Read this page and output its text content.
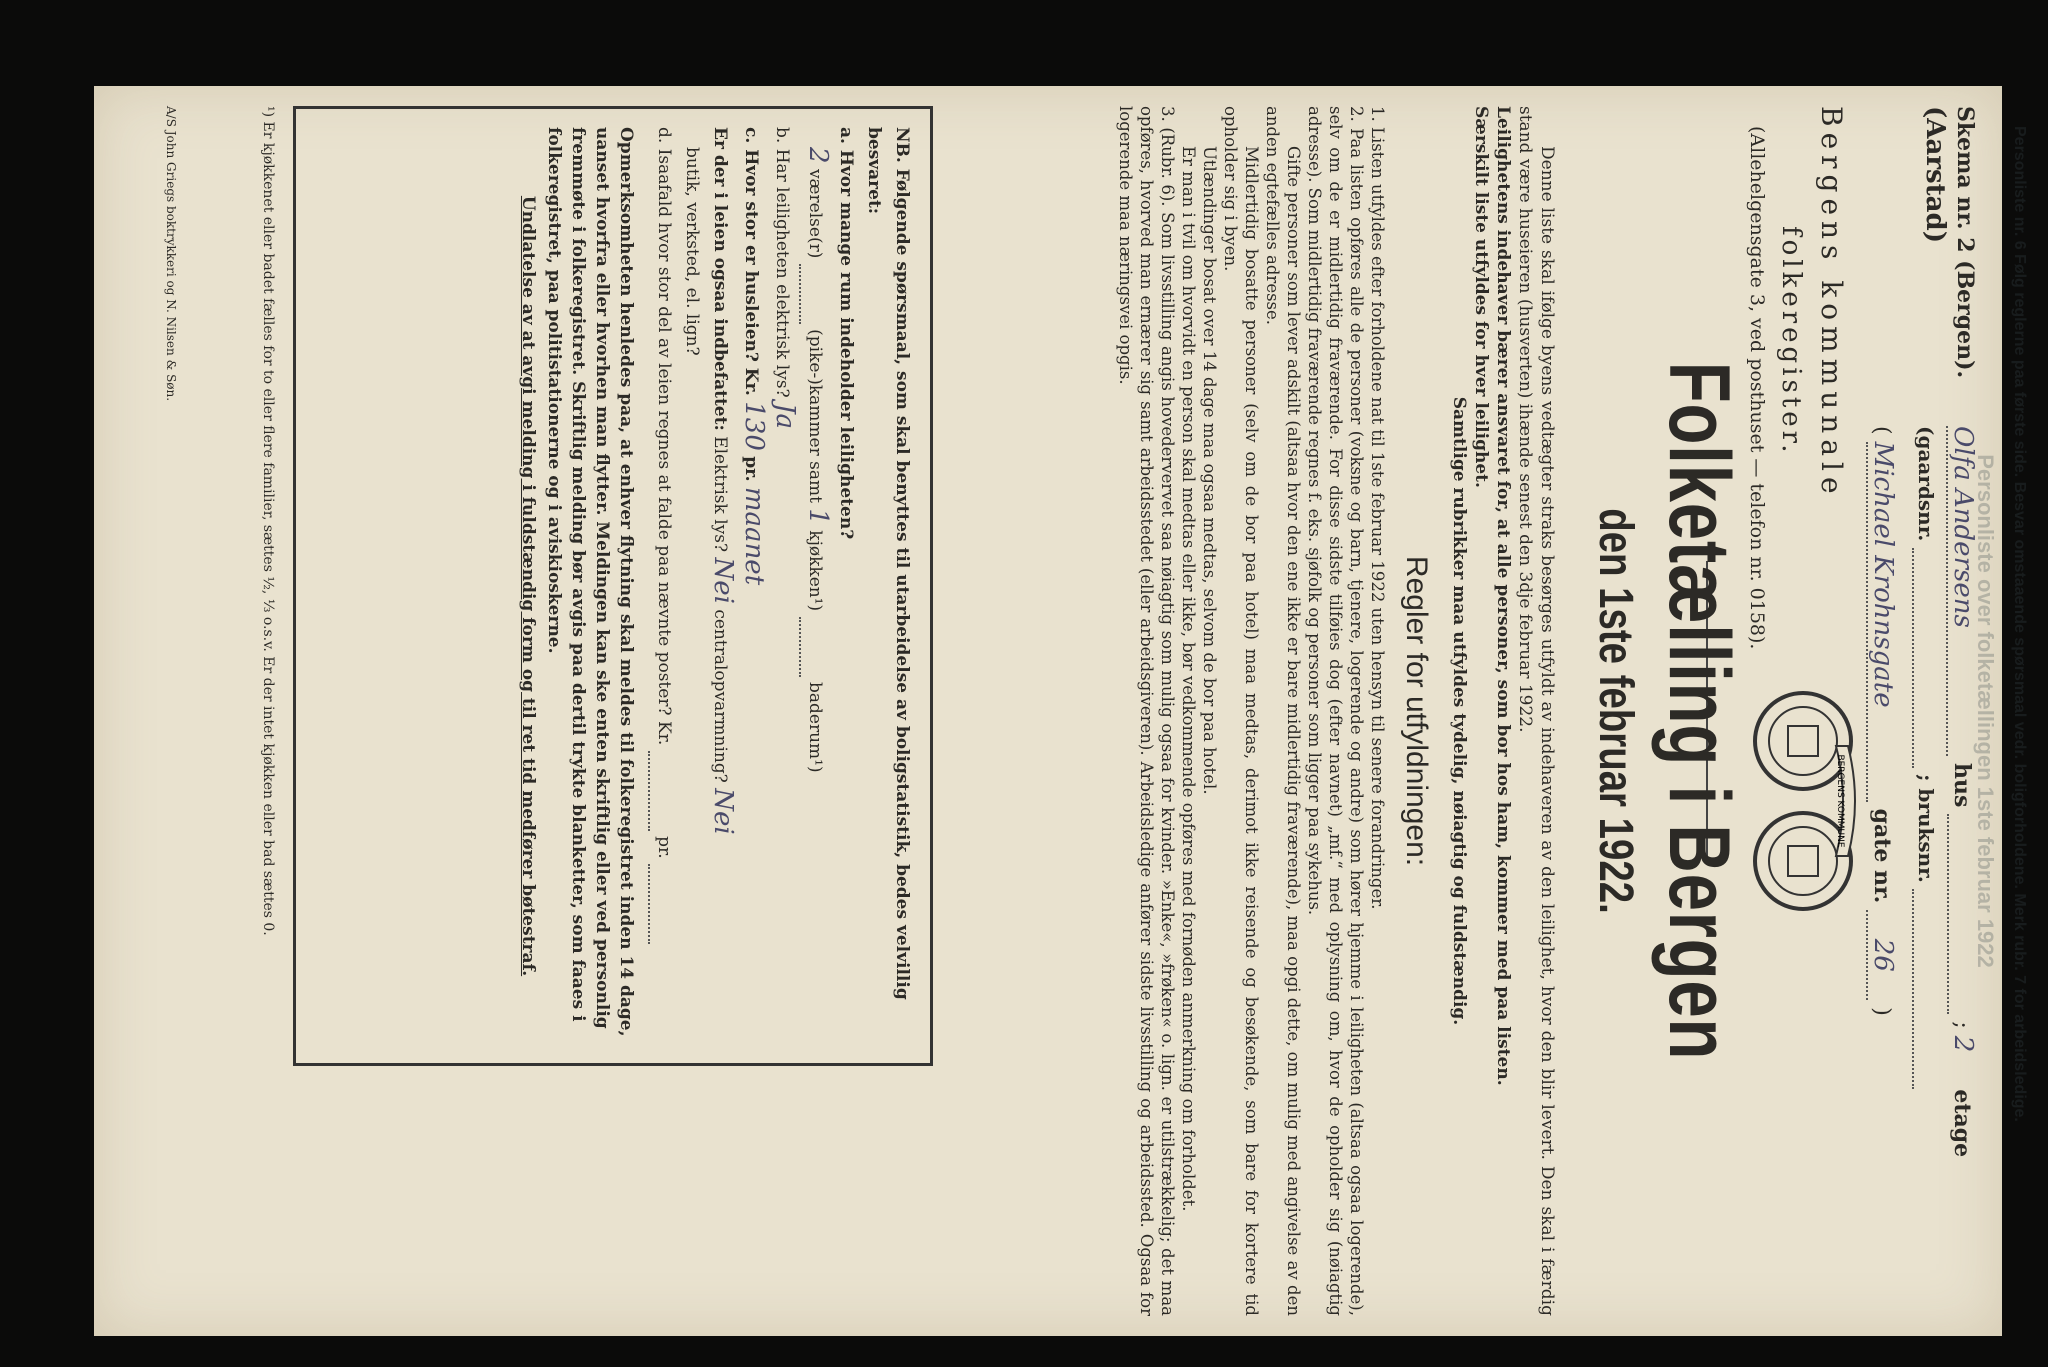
Personliste nr. 6 Følg reglerne paa første side. Besvar omstaaende spørsmaal vedr. boligforholdene. Merk rubr. 7 for arbeidsledige.
Personliste over folketællingen 1ste februar 1922
Skema nr. 2 (Bergen).
(Aarstad)
Olfa Andersens hus   ; 2 etage
(gaardsnr.   ; bruksnr.
( Michael Krohnsgate gate nr. 26 )
Bergens kommunale
folkeregister.
(Allehelgensgate 3, ved posthuset — telefon nr. 0158).
BERGENS KOMMUNE
Folketælling i Bergen
den 1ste februar 1922.
Denne liste skal ifølge byens vedtægter straks besørges utfyldt av indehaveren av den leilighet, hvor den blir levert. Den skal i færdig stand være huseieren (husverten) ihænde senest den 3dje februar 1922.
Leilighetens indehaver bærer ansvaret for, at alle personer, som bor hos ham, kommer med paa listen.
Særskilt liste utfyldes for hver leilighet.
Samtlige rubrikker maa utfyldes tydelig, nøiagtig og fuldstændig.
Regler for utfyldningen:
1. Listen utfyldes efter forholdene nat til 1ste februar 1922 uten hensyn til senere forandringer.
2. Paa listen opføres alle de personer (voksne og barn, tjenere, logerende og andre) som hører hjemme i leiligheten (altsaa ogsaa logerende), selv om de er midlertidig fraværende. For disse sidste tilføies dog (efter navnet) „mf.“ med oplysning om, hvor de opholder sig (nøiagtig adresse). Som midlertidig fraværende regnes f. eks. sjøfolk og personer som ligger paa sykehus.
Gifte personer som lever adskilt (altsaa hvor den ene ikke er bare midlertidig fraværende), maa opgi dette, om mulig med angivelse av den anden egtefælles adresse.
Midlertidig bosatte personer (selv om de bor paa hotel) maa medtas, derimot ikke reisende og besøkende, som bare for kortere tid opholder sig i byen.
Utlændinger bosat over 14 dage maa ogsaa medtas, selvom de bor paa hotel.
Er man i tvil om hvorvidt en person skal medtas eller ikke, bør vedkommende opføres med fornøden anmerkning om forholdet.
3. (Rubr. 6). Som livsstilling angis hovedervervet saa nøiagtig som mulig ogsaa for kvinder. »Enke«, »frøken« o. lign. er utilstrækkelig; det maa opføres, hvorved man ernærer sig samt arbeidsstedet (eller arbeidsgiveren). Arbeidsledige anfører sidste livsstilling og arbeidssted. Ogsaa for logerende maa næringsvei opgis.
NB. Følgende spørsmaal, som skal benyttes til utarbeidelse av boligstatistik, bedes velvillig besvaret:
a. Hvor mange rum indeholder leiligheten?
2 værelse(r)   (pike-)kammer samt 1 kjøkken¹)   baderum¹)
b. Har leiligheten elektrisk lys? Ja
c. Hvor stor er husleien? Kr. 130 pr. maanet
Er der i leien ogsaa indbefattet: Elektrisk lys? Nei centralopvarmning? Nei
butik, verksted, el. lign?
d. Isaafald hvor stor del av leien regnes at falde paa nævnte poster? Kr.   pr.
Opmerksomheten henledes paa, at enhver flytning skal meldes til folkeregistret inden 14 dage, uanset hvorfra eller hvorhen man flytter. Meldingen kan ske enten skriftlig eller ved personlig fremmøte i folkeregistret. Skriftlig melding bør avgis paa dertil trykte blanketter, som faaes i folkeregistret, paa politistationerne og i aviskioskerne.
Undlatelse av at avgi melding i fuldstændig form og til ret tid medfører bøtestraf.
¹) Er kjøkkenet eller badet fælles for to eller flere familier, sættes ½, ⅓ o.s.v. Er der intet kjøkken eller bad sættes 0.
A/S John Griegs boktrykkeri og N. Nilsen & Søn.
